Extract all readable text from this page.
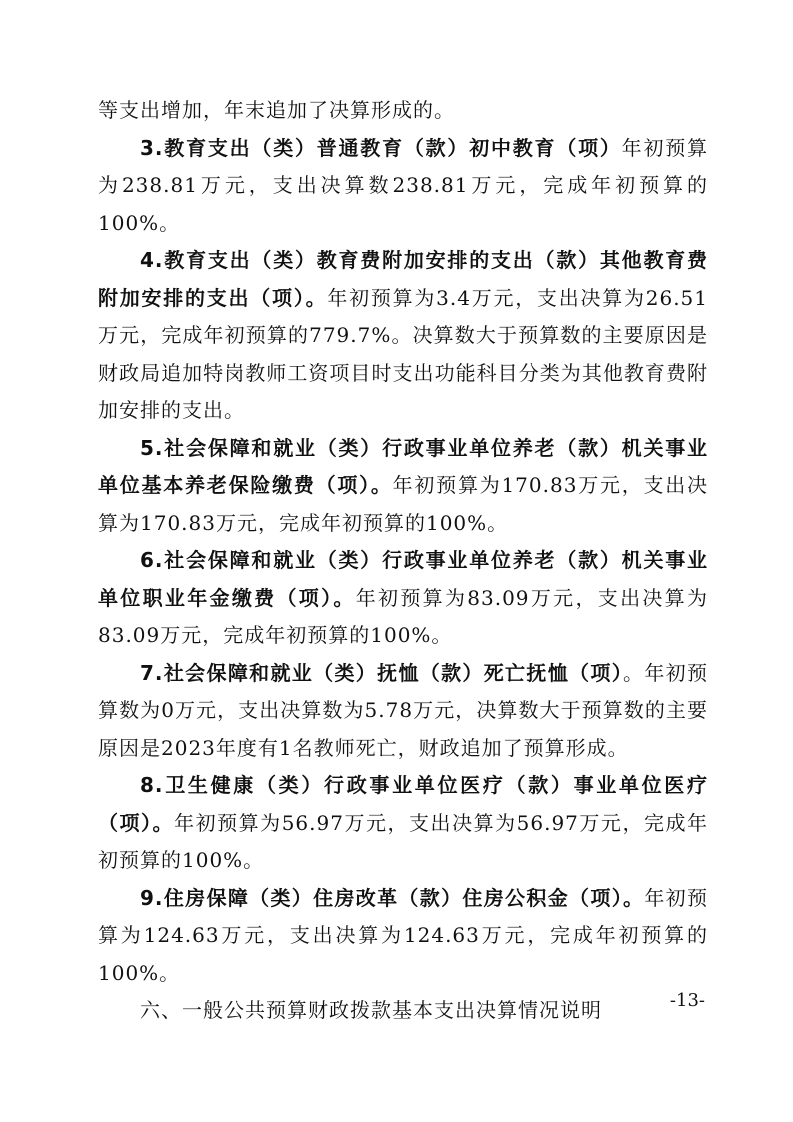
等支出增加，年末追加了决算形成的。

3.教育支出（类）普通教育（款）初中教育（项）年初预算为238.81万元，支出决算数238.81万元，完成年初预算的100%。

4.教育支出（类）教育费附加安排的支出（款）其他教育费附加安排的支出（项）。年初预算为3.4万元，支出决算为26.51万元，完成年初预算的779.7%。决算数大于预算数的主要原因是财政局追加特岗教师工资项目时支出功能科目分类为其他教育费附加安排的支出。

5.社会保障和就业（类）行政事业单位养老（款）机关事业单位基本养老保险缴费（项）。年初预算为170.83万元，支出决算为170.83万元，完成年初预算的100%。

6.社会保障和就业（类）行政事业单位养老（款）机关事业单位职业年金缴费（项）。年初预算为83.09万元，支出决算为83.09万元，完成年初预算的100%。

7.社会保障和就业（类）抚恤（款）死亡抚恤（项）。年初预算数为0万元，支出决算数为5.78万元，决算数大于预算数的主要原因是2023年度有1名教师死亡，财政追加了预算形成。

8.卫生健康（类）行政事业单位医疗（款）事业单位医疗（项）。年初预算为56.97万元，支出决算为56.97万元，完成年初预算的100%。

9.住房保障（类）住房改革（款）住房公积金（项）。年初预算为124.63万元，支出决算为124.63万元，完成年初预算的100%。

六、一般公共预算财政拨款基本支出决算情况说明	-13-
